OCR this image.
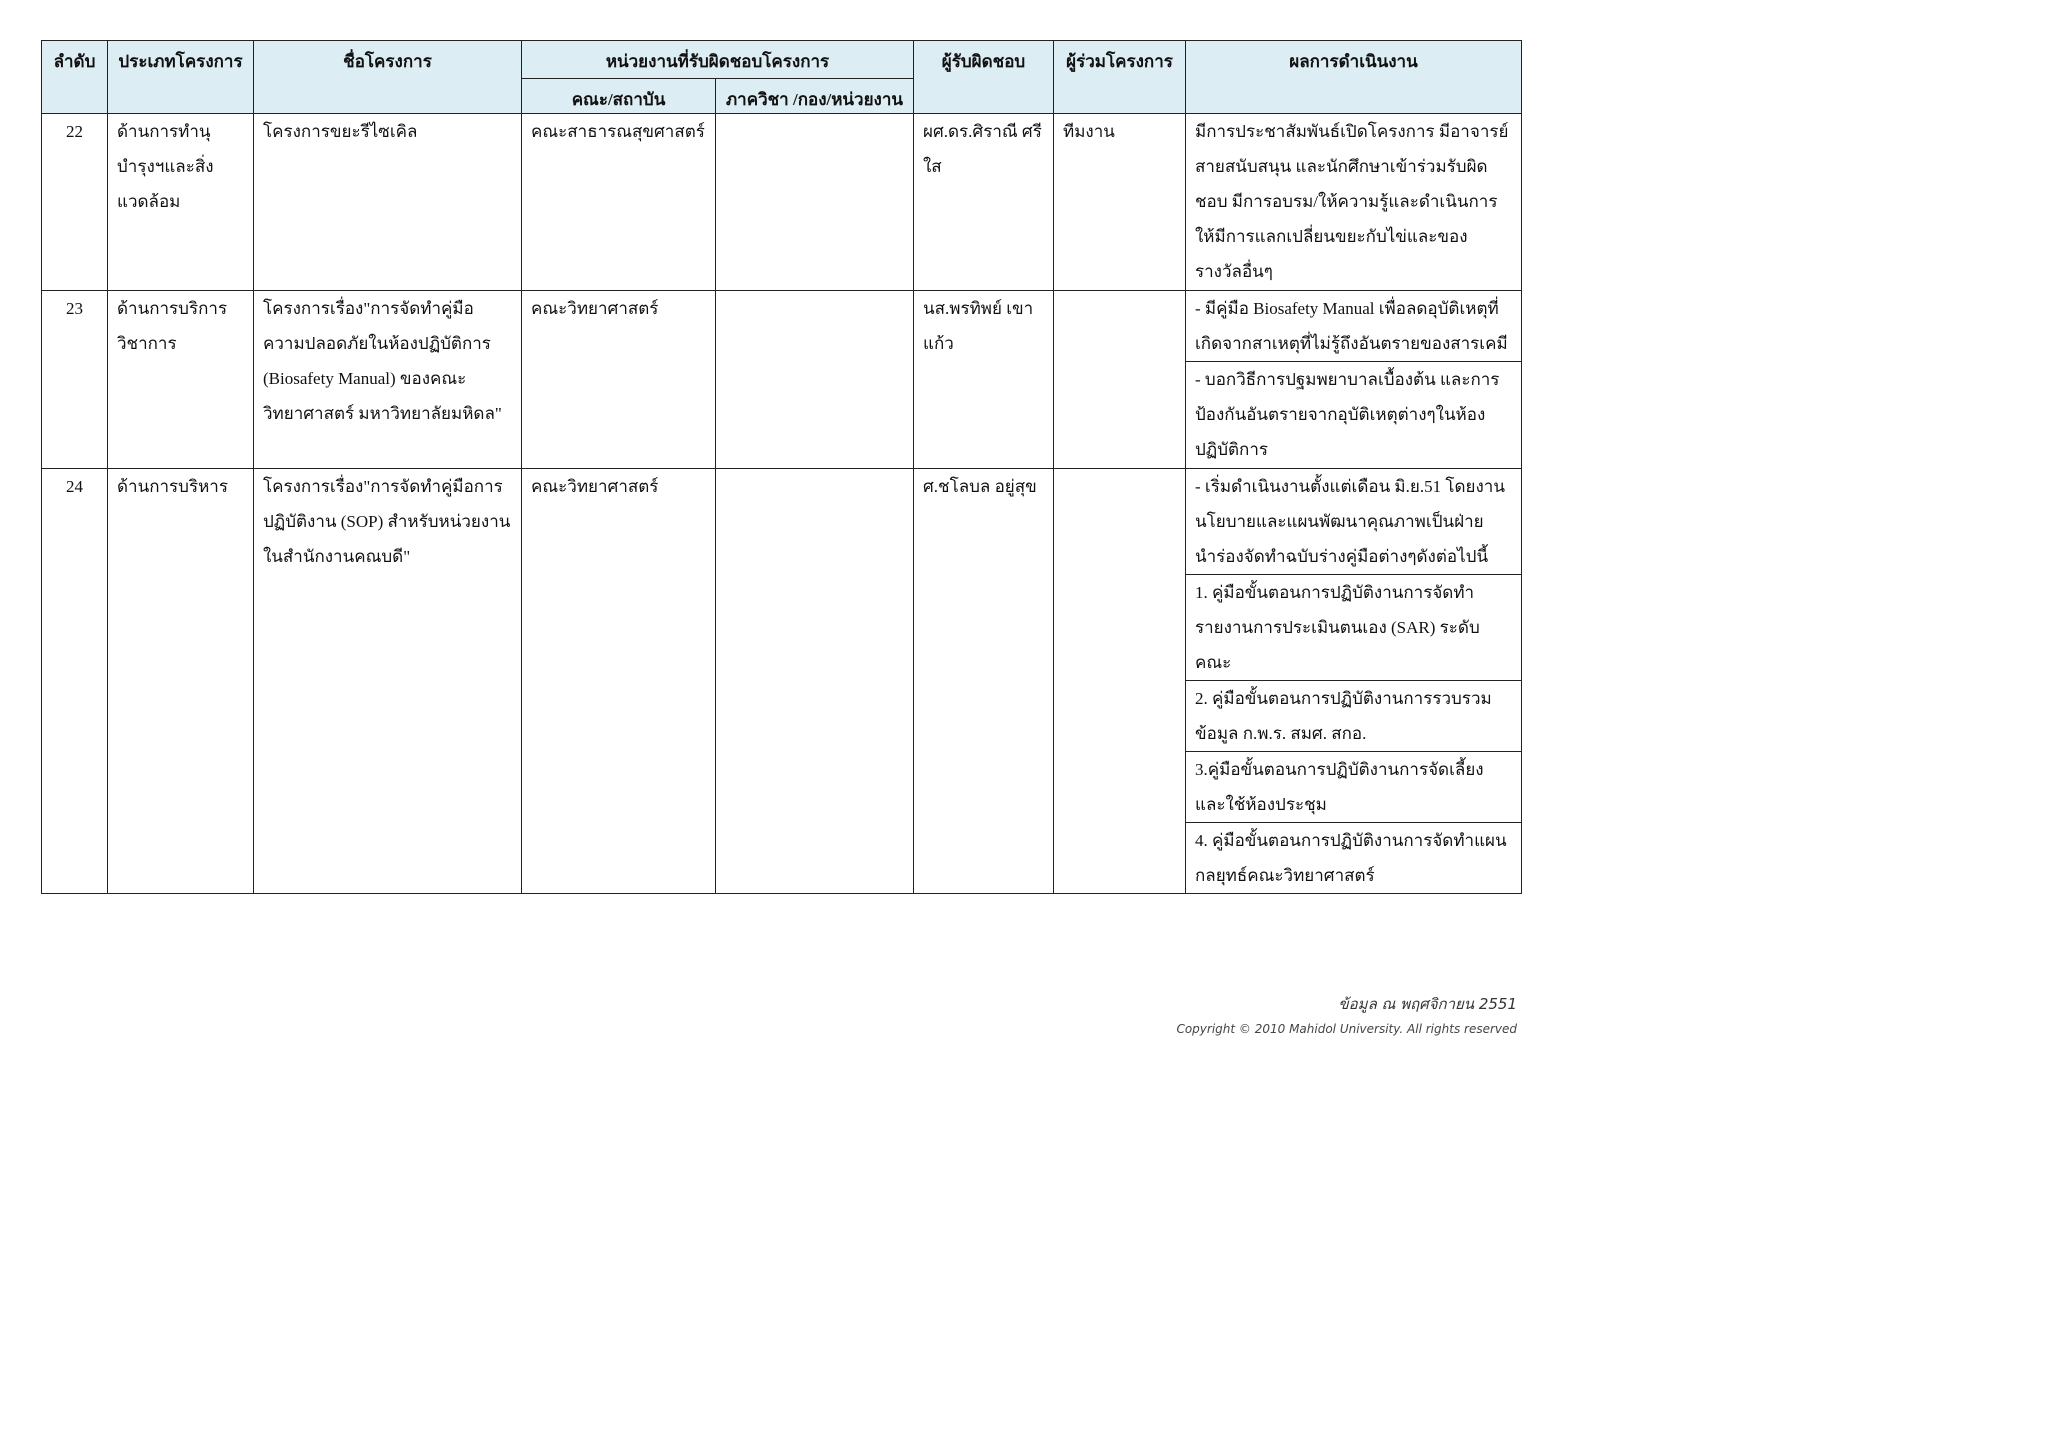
ลำดับ	ประเภทโครงการ	ชื่อโครงการ	หน่วยงานที่รับผิดชอบโครงการ		ผู้รับผิดชอบ	ผู้ร่วมโครงการ	ผลการดำเนินงาน
			คณะ/สถาบัน	ภาควิชา /กอง/หน่วยงาน			
22	ด้านการทำนุบำรุงฯและสิ่งแวดล้อม	โครงการขยะรีไซเคิล	คณะสาธารณสุขศาสตร์		ผศ.ดร.ศิราณี ศรีใส	ทีมงาน	มีการประชาสัมพันธ์เปิดโครงการ มีอาจารย์สายสนับสนุน และนักศึกษาเข้าร่วมรับผิดชอบ มีการอบรม/ให้ความรู้และดำเนินการให้มีการแลกเปลี่ยนขยะกับไข่และของรางวัลอื่นๆ

23	ด้านการบริการวิชาการ	โครงการเรื่อง"การจัดทำคู่มือความปลอดภัยในห้องปฏิบัติการ (Biosafety Manual) ของคณะวิทยาศาสตร์ มหาวิทยาลัยมหิดล"	คณะวิทยาศาสตร์		นส.พรทิพย์ เขาแก้ว		- มีคู่มือ Biosafety Manual เพื่อลดอุบัติเหตุที่เกิดจากสาเหตุที่ไม่รู้ถึงอันตรายของสารเคมี
- บอกวิธีการปฐมพยาบาลเบื้องต้น และการป้องกันอันตรายจากอุบัติเหตุต่างๆในห้องปฏิบัติการ

24	ด้านการบริหาร	โครงการเรื่อง"การจัดทำคู่มือการปฏิบัติงาน (SOP) สำหรับหน่วยงานในสำนักงานคณบดี"	คณะวิทยาศาสตร์		ศ.ชโลบล อยู่สุข		- เริ่มดำเนินงานตั้งแต่เดือน มิ.ย.51 โดยงานนโยบายและแผนพัฒนาคุณภาพเป็นฝ่ายนำร่องจัดทำฉบับร่างคู่มือต่างๆดังต่อไปนี้
1. คู่มือขั้นตอนการปฏิบัติงานการจัดทำรายงานการประเมินตนเอง (SAR) ระดับคณะ
2. คู่มือขั้นตอนการปฏิบัติงานการรวบรวมข้อมูล ก.พ.ร. สมศ. สกอ.
3.คู่มือขั้นตอนการปฏิบัติงานการจัดเลี้ยงและใช้ห้องประชุม
4. คู่มือขั้นตอนการปฏิบัติงานการจัดทำแผนกลยุทธ์คณะวิทยาศาสตร์
ข้อมูล ณ พฤศจิกายน 2551
Copyright © 2010 Mahidol University. All rights reserved
